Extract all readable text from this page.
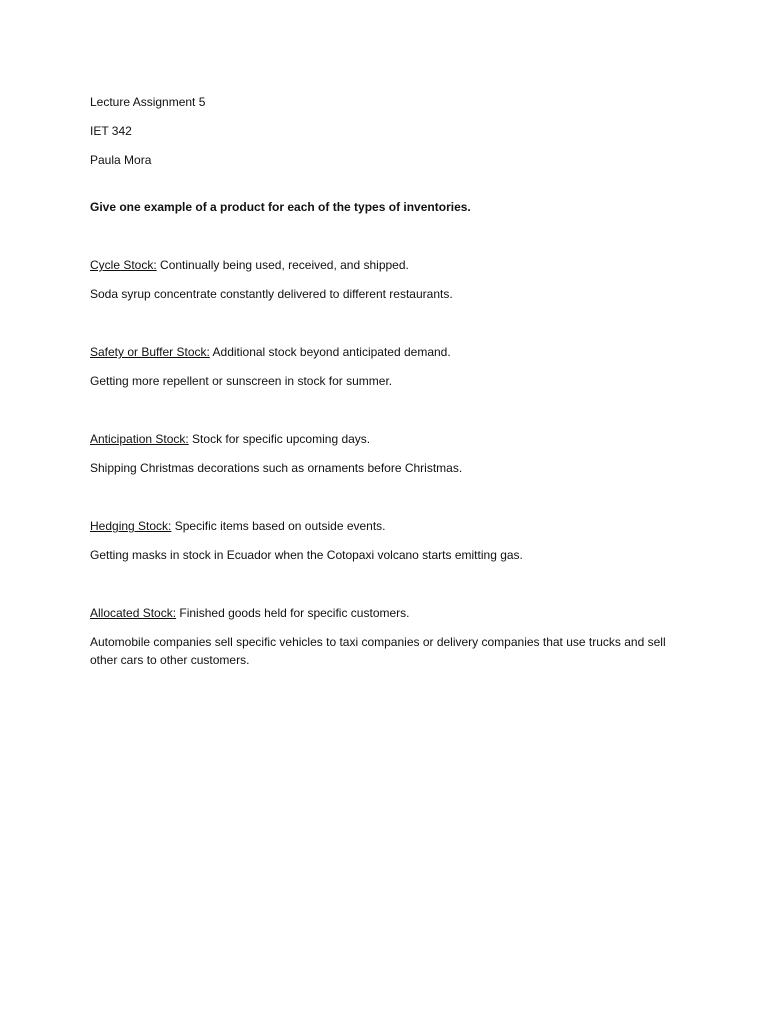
Lecture Assignment 5
IET 342
Paula Mora
Give one example of a product for each of the types of inventories.
Cycle Stock: Continually being used, received, and shipped.
Soda syrup concentrate constantly delivered to different restaurants.
Safety or Buffer Stock: Additional stock beyond anticipated demand.
Getting more repellent or sunscreen in stock for summer.
Anticipation Stock: Stock for specific upcoming days.
Shipping Christmas decorations such as ornaments before Christmas.
Hedging Stock: Specific items based on outside events.
Getting masks in stock in Ecuador when the Cotopaxi volcano starts emitting gas.
Allocated Stock: Finished goods held for specific customers.
Automobile companies sell specific vehicles to taxi companies or delivery companies that use trucks and sell other cars to other customers.
